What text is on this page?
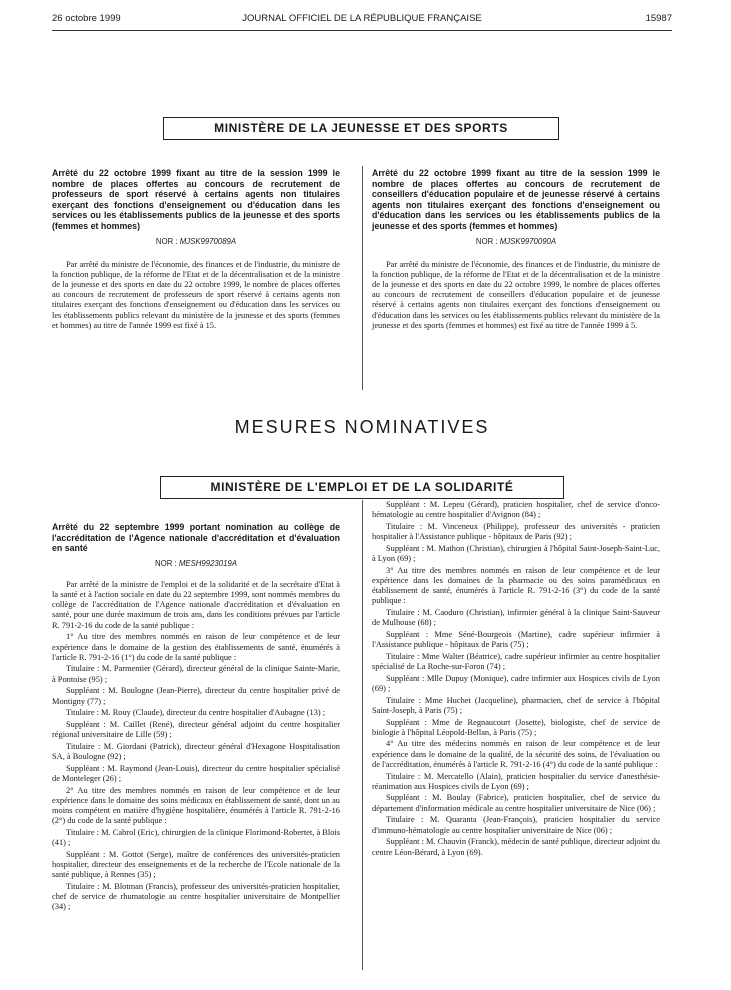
26 octobre 1999	JOURNAL OFFICIEL DE LA RÉPUBLIQUE FRANÇAISE	15987
MINISTÈRE DE LA JEUNESSE ET DES SPORTS
Arrêté du 22 octobre 1999 fixant au titre de la session 1999 le nombre de places offertes au concours de recrutement de professeurs de sport réservé à certains agents non titulaires exerçant des fonctions d'enseignement ou d'éducation dans les services ou les établissements publics de la jeunesse et des sports (femmes et hommes)
NOR : MJSK9970089A

Par arrêté du ministre de l'économie, des finances et de l'industrie, du ministre de la fonction publique, de la réforme de l'Etat et de la décentralisation et de la ministre de la jeunesse et des sports en date du 22 octobre 1999, le nombre de places offertes au concours de recrutement de professeurs de sport réservé à certains agents non titulaires exerçant des fonctions d'enseignement ou d'éducation dans les services ou les établissements publics relevant du ministère de la jeunesse et des sports (femmes et hommes) au titre de l'année 1999 est fixé à 15.

Arrêté du 22 octobre 1999 fixant au titre de la session 1999 le nombre de places offertes au concours de recrutement de conseillers d'éducation populaire et de jeunesse réservé à certains agents non titulaires exerçant des fonctions d'enseignement ou d'éducation dans les services ou les établissements publics de la jeunesse et des sports (femmes et hommes)
NOR : MJSK9970090A

Par arrêté du ministre de l'économie, des finances et de l'industrie, du ministre de la fonction publique, de la réforme de l'Etat et de la décentralisation et de la ministre de la jeunesse et des sports en date du 22 octobre 1999, le nombre de places offertes au concours de recrutement de conseillers d'éducation populaire et de jeunesse réservé à certains agents non titulaires exerçant des fonctions d'enseignement ou d'éducation dans les services ou les établissements publics relevant du ministère de la jeunesse et des sports (femmes et hommes) est fixé au titre de l'année 1999 à 5.

MESURES NOMINATIVES
MINISTÈRE DE L'EMPLOI ET DE LA SOLIDARITÉ
Arrêté du 22 septembre 1999 portant nomination au collège de l'accréditation de l'Agence nationale d'accréditation et d'évaluation en santé
NOR : MESH9923019A

Par arrêté de la ministre de l'emploi et de la solidarité et de la secrétaire d'Etat à la santé et à l'action sociale en date du 22 septembre 1999, sont nommés membres du collège de l'accréditation de l'Agence nationale d'accréditation et d'évaluation en santé, pour une durée maximum de trois ans, dans les conditions prévues par l'article R. 791-2-16 du code de la santé publique :

1° Au titre des membres nommés en raison de leur compétence et de leur expérience dans le domaine de la gestion des établissements de santé, énumérés à l'article R. 791-2-16 (1°) du code de la santé publique :

Titulaire : M. Parmentier (Gérard), directeur général de la clinique Sainte-Marie, à Pontoise (95) ;

Suppléant : M. Boulogne (Jean-Pierre), directeur du centre hospitalier privé de Montigny (77) ;

Titulaire : M. Rouy (Claude), directeur du centre hospitalier d'Aubagne (13) ;

Suppléant : M. Caillet (René), directeur général adjoint du centre hospitalier régional universitaire de Lille (59) ;

Titulaire : M. Giordani (Patrick), directeur général d'Hexagone Hospitalisation SA, à Boulogne (92) ;

Suppléant : M. Raymond (Jean-Louis), directeur du centre hospitalier spécialisé de Monteleger (26) ;

2° Au titre des membres nommés en raison de leur compétence et de leur expérience dans le domaine des soins médicaux en établissement de santé, dont un au moins compétent en matière d'hygiène hospitalière, énumérés à l'article R. 791-2-16 (2°) du code de la santé publique :

Titulaire : M. Cabrol (Eric), chirurgien de la clinique Florimond-Robertet, à Blois (41) ;

Suppléant : M. Gottot (Serge), maître de conférences des universités-praticien hospitalier, directeur des enseignements et de la recherche de l'Ecole nationale de la santé publique, à Rennes (35) ;

Titulaire : M. Blotman (Francis), professeur des universités-praticien hospitalier, chef de service de rhumatologie au centre hospitalier universitaire de Montpellier (34) ;

Suppléant : M. Lepeu (Gérard), praticien hospitalier, chef de service d'onco-hématologie au centre hospitalier d'Avignon (84) ;

Titulaire : M. Vinceneux (Philippe), professeur des universités - praticien hospitalier à l'Assistance publique - hôpitaux de Paris (92) ;

Suppléant : M. Mathon (Christian), chirurgien à l'hôpital Saint-Joseph-Saint-Luc, à Lyon (69) ;

3° Au titre des membres nommés en raison de leur compétence et de leur expérience dans les domaines de la pharmacie ou des soins paramédicaux en établissement de santé, énumérés à l'article R. 791-2-16 (3°) du code de la santé publique :

Titulaire : M. Caoduro (Christian), infirmier général à la clinique Saint-Sauveur de Mulhouse (68) ;

Suppléant : Mme Séné-Bourgeois (Martine), cadre supérieur infirmier à l'Assistance publique - hôpitaux de Paris (75) ;

Titulaire : Mme Walter (Béatrice), cadre supérieur infirmier au centre hospitalier spécialisé de La Roche-sur-Foron (74) ;

Suppléant : Mlle Dupuy (Monique), cadre infirmier aux Hospices civils de Lyon (69) ;

Titulaire : Mme Huchet (Jacqueline), pharmacien, chef de service à l'hôpital Saint-Joseph, à Paris (75) ;

Suppléant : Mme de Regnaucourt (Josette), biologiste, chef de service de biologie à l'hôpital Léopold-Bellan, à Paris (75) ;

4° Au titre des médecins nommés en raison de leur compétence et de leur expérience dans le domaine de la qualité, de la sécurité des soins, de l'évaluation ou de l'accréditation, énumérés à l'article R. 791-2-16 (4°) du code de la santé publique :

Titulaire : M. Mercatello (Alain), praticien hospitalier du service d'anesthésie-réanimation aux Hospices civils de Lyon (69) ;

Suppléant : M. Boulay (Fabrice), praticien hospitalier, chef de service du département d'information médicale au centre hospitalier universitaire de Nice (06) ;

Titulaire : M. Quaranta (Jean-François), praticien hospitalier du service d'immuno-hématologie au centre hospitalier universitaire de Nice (06) ;

Suppléant : M. Chauvin (Franck), médecin de santé publique, directeur adjoint du centre Léon-Bérard, à Lyon (69).
